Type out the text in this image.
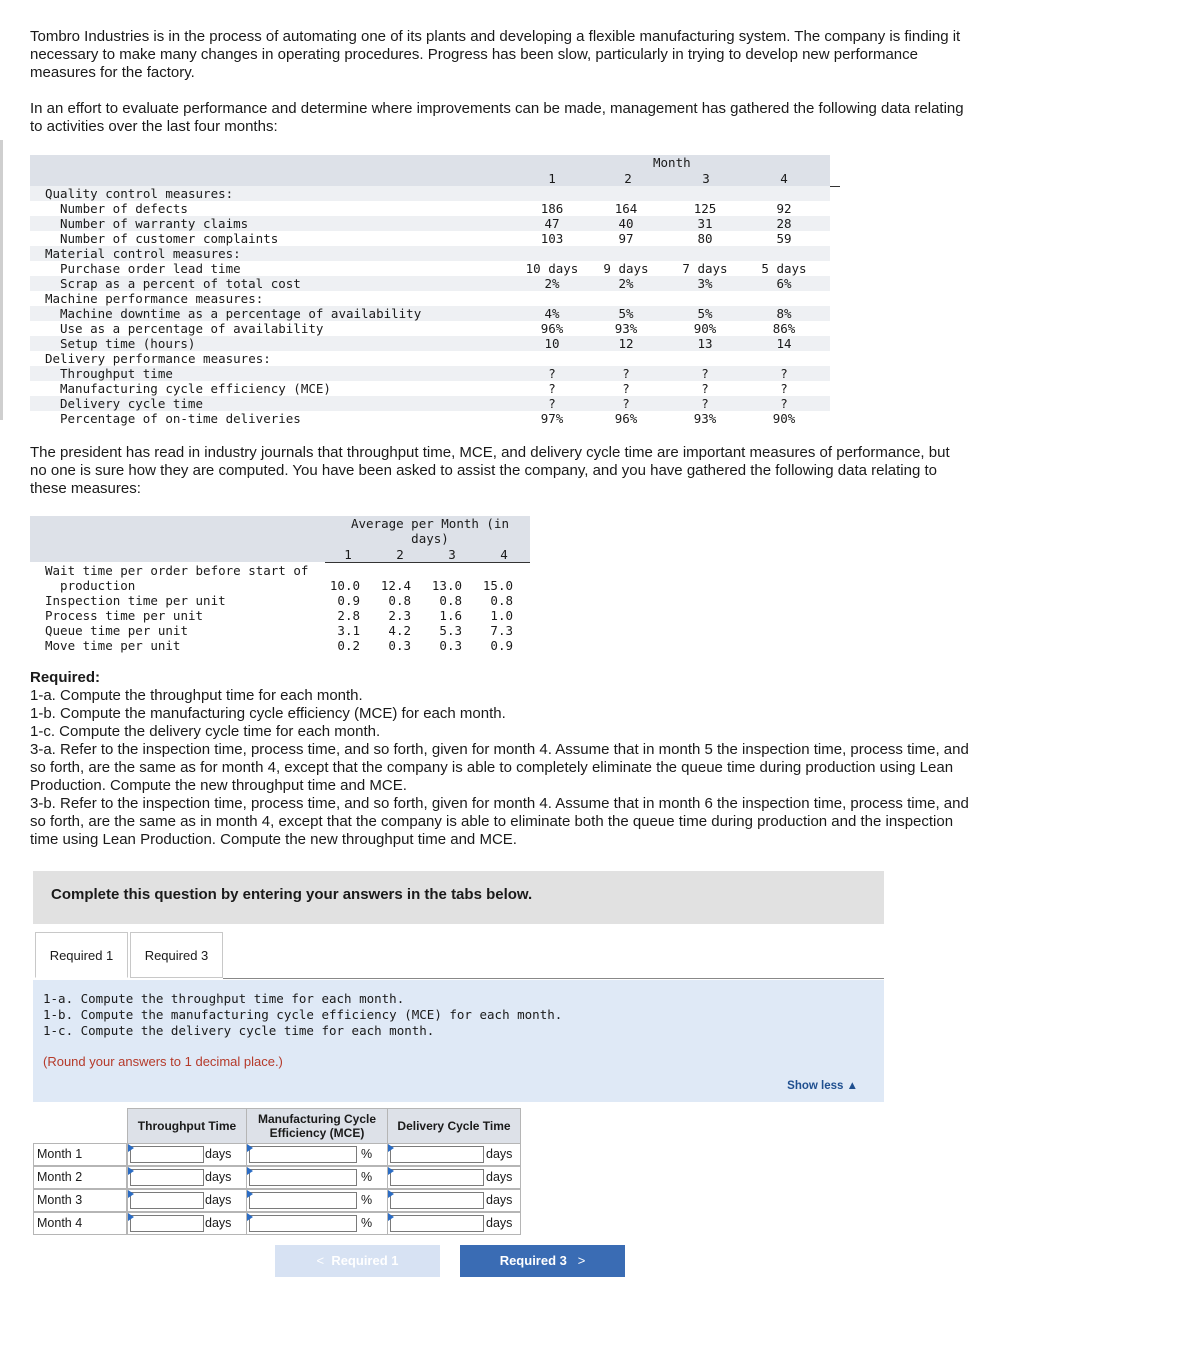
Tombro Industries is in the process of automating one of its plants and developing a flexible manufacturing system. The company is finding it necessary to make many changes in operating procedures. Progress has been slow, particularly in trying to develop new performance measures for the factory.

In an effort to evaluate performance and determine where improvements can be made, management has gathered the following data relating to activities over the last four months:

Month
1	2	3	4
Quality control measures:
Number of defects	186	164	125	92
Number of warranty claims	47	40	31	28
Number of customer complaints	103	97	80	59
Material control measures:
Purchase order lead time	10 days	9 days	7 days	5 days
Scrap as a percent of total cost	2%	2%	3%	6%
Machine performance measures:
Machine downtime as a percentage of availability	4%	5%	5%	8%
Use as a percentage of availability	96%	93%	90%	86%
Setup time (hours)	10	12	13	14
Delivery performance measures:
Throughput time	?	?	?	?
Manufacturing cycle efficiency (MCE)	?	?	?	?
Delivery cycle time	?	?	?	?
Percentage of on-time deliveries	97%	96%	93%	90%

The president has read in industry journals that throughput time, MCE, and delivery cycle time are important measures of performance, but no one is sure how they are computed. You have been asked to assist the company, and you have gathered the following data relating to these measures:

Average per Month (in
days)
1	2	3	4
Wait time per order before start of
production	10.0	12.4	13.0	15.0
Inspection time per unit	0.9	0.8	0.8	0.8
Process time per unit	2.8	2.3	1.6	1.0
Queue time per unit	3.1	4.2	5.3	7.3
Move time per unit	0.2	0.3	0.3	0.9

Required:

1-a. Compute the throughput time for each month.

1-b. Compute the manufacturing cycle efficiency (MCE) for each month.

1-c. Compute the delivery cycle time for each month.

3-a. Refer to the inspection time, process time, and so forth, given for month 4. Assume that in month 5 the inspection time, process time, and so forth, are the same as for month 4, except that the company is able to completely eliminate the queue time during production using Lean Production. Compute the new throughput time and MCE.

3-b. Refer to the inspection time, process time, and so forth, given for month 4. Assume that in month 6 the inspection time, process time, and so forth, are the same as in month 4, except that the company is able to eliminate both the queue time during production and the inspection time using Lean Production. Compute the new throughput time and MCE.

Complete this question by entering your answers in the tabs below.
Required 1	Required 3
1-a. Compute the throughput time for each month.
1-b. Compute the manufacturing cycle efficiency (MCE) for each month.
1-c. Compute the delivery cycle time for each month.
(Round your answers to 1 decimal place.)
Show less ▲
Throughput Time	Manufacturing Cycle Efficiency (MCE)	Delivery Cycle Time
Month 1	days	%	days
Month 2	days	%	days
Month 3	days	%	days
Month 4	days	%	days
< Required 1	Required 3 >
